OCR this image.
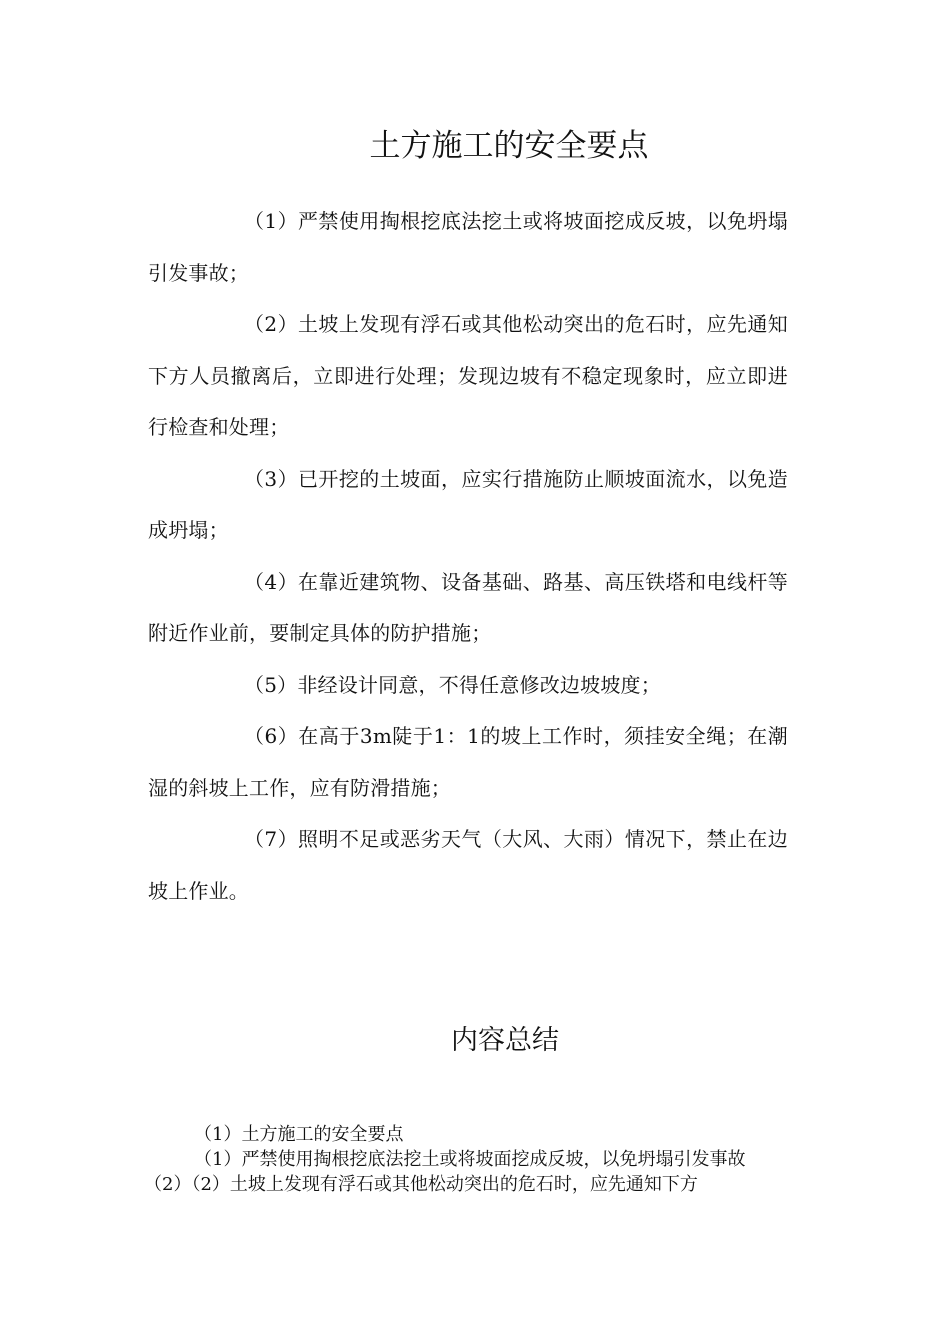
土方施工的安全要点

（1）严禁使用掏根挖底法挖土或将坡面挖成反坡，以免坍塌引发事故；

（2）土坡上发现有浮石或其他松动突出的危石时，应先通知下方人员撤离后，立即进行处理；发现边坡有不稳定现象时，应立即进行检查和处理；

（3）已开挖的土坡面，应实行措施防止顺坡面流水，以免造成坍塌；

（4）在靠近建筑物、设备基础、路基、高压铁塔和电线杆等附近作业前，要制定具体的防护措施；

（5）非经设计同意，不得任意修改边坡坡度；

（6）在高于3m陡于1：1的坡上工作时，须挂安全绳；在潮湿的斜坡上工作，应有防滑措施；

（7）照明不足或恶劣天气（大风、大雨）情况下，禁止在边坡上作业。

内容总结

（1）土方施工的安全要点

（1）严禁使用掏根挖底法挖土或将坡面挖成反坡，以免坍塌引发事故

（2）（2）土坡上发现有浮石或其他松动突出的危石时，应先通知下方
